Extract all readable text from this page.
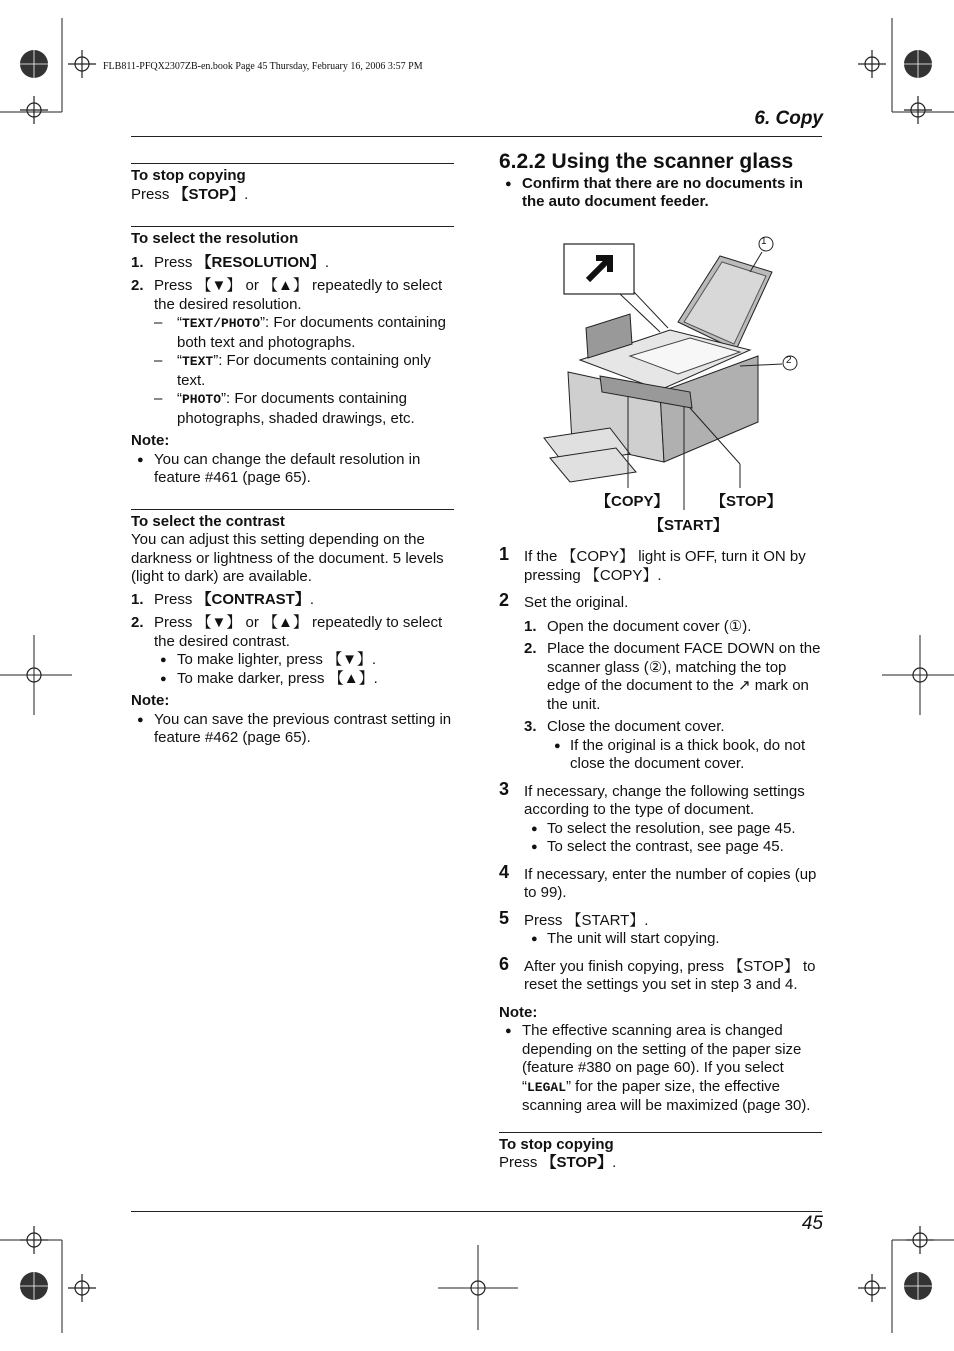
FLB811-PFQX2307ZB-en.book Page 45 Thursday, February 16, 2006 3:57 PM
6. Copy

To stop copying

Press 【STOP】.

To select the resolution

1. Press 【RESOLUTION】.
2. Press 【▼】 or 【▲】 repeatedly to select the desired resolution.
– “TEXT/PHOTO”: For documents containing both text and photographs.
– “TEXT”: For documents containing only text.
– “PHOTO”: For documents containing photographs, shaded drawings, etc.

Note:

● You can change the default resolution in feature #461 (page 65).

To select the contrast

You can adjust this setting depending on the darkness or lightness of the document. 5 levels (light to dark) are available.

1. Press 【CONTRAST】.
2. Press 【▼】 or 【▲】 repeatedly to select the desired contrast.
● To make lighter, press 【▼】.
● To make darker, press 【▲】.

Note:

● You can save the previous contrast setting in feature #462 (page 65).

6.2.2 Using the scanner glass

● Confirm that there are no documents in the auto document feeder.
1
2
【COPY】	【STOP】
【START】
1 If the 【COPY】 light is OFF, turn it ON by pressing 【COPY】.
2 Set the original.
1. Open the document cover (①).
2. Place the document FACE DOWN on the scanner glass (②), matching the top edge of the document to the ↗ mark on the unit.
3. Close the document cover.
● If the original is a thick book, do not close the document cover.
3 If necessary, change the following settings according to the type of document.
● To select the resolution, see page 45.
● To select the contrast, see page 45.
4 If necessary, enter the number of copies (up to 99).
5 Press 【START】.
● The unit will start copying.
6 After you finish copying, press 【STOP】 to reset the settings you set in step 3 and 4.

Note:

● The effective scanning area is changed depending on the setting of the paper size (feature #380 on page 60). If you select “LEGAL” for the paper size, the effective scanning area will be maximized (page 30).

To stop copying

Press 【STOP】.

45
